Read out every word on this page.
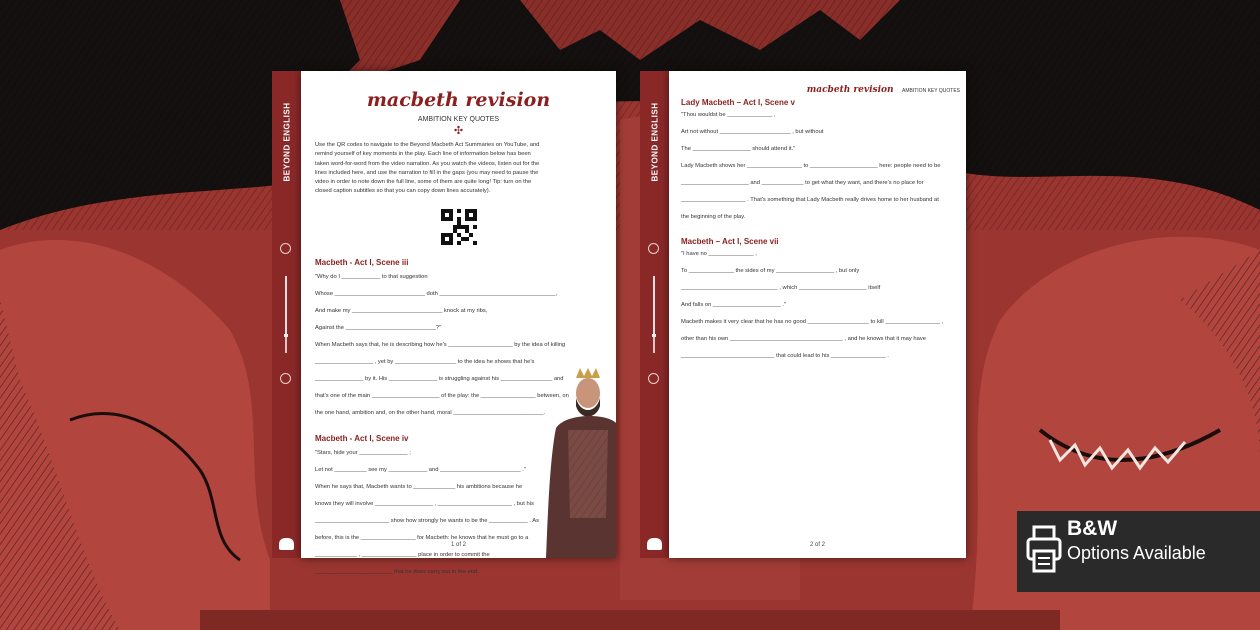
BEYOND ENGLISH
macbeth revision
AMBITION KEY QUOTES
✣

Use the QR codes to navigate to the Beyond Macbeth Act Summaries on YouTube, and

remind yourself of key moments in the play. Each line of information below has been

taken word-for-word from the video narration. As you watch the videos, listen out for the

lines included here, and use the narration to fill in the gaps (you may need to pause the

video in order to note down the full line, some of them are quite long! Tip: turn on the

closed caption subtitles so that you can copy down lines accurately).

Macbeth - Act I, Scene iii

"Why do I ____________ to that suggestion

Whose ____________________________ doth ____________________________________,

And make my ____________________________ knock at my ribs,

Against the ____________________________?"

When Macbeth says that, he is describing how he's ____________________ by the idea of killing

__________________ , yet by ___________________ to the idea he shows that he's

_______________ by it. His _______________ is struggling against his ________________ and

that's one of the main _____________________ of the play: the _________________ between, on

the one hand, ambition and, on the other hand, moral ____________________________.

Macbeth - Act I, Scene iv

"Stars, hide your _______________ ;

Let not __________ see my ____________ and _________________________ ."

When he says that, Macbeth wants to _____________ his ambitions because he

knows they will involve __________________ , _______________________ , but his

_______________________ show how strongly he wants to be the ____________ . As

before, this is the _________________ for Macbeth: he knows that he must go to a

_____________ , _________________ place in order to commit the

________________________ that he does carry out in the end.

1 of 2
BEYOND ENGLISH
macbeth revision AMBITION KEY QUOTES

Lady Macbeth – Act I, Scene v

"Thou wouldst be ______________ ,

Art not without ______________________ , but without

The __________________ should attend it."

Lady Macbeth shows her _________________ to _____________________ here: people need to be

_____________________ and _____________ to get what they want, and there's no place for

____________________ . That's something that Lady Macbeth really drives home to her husband at

the beginning of the play.

Macbeth – Act I, Scene vii

"I have no ______________ ,

To ______________ the sides of my __________________ , but only

______________________________ , which _____________________ itself

And falls on _____________________ ."

Macbeth makes it very clear that he has no good ___________________ to kill _________________ ,

other than his own ___________________________________ , and he knows that it may have

_____________________________ that could lead to his _________________ .

2 of 2
B&W
Options Available
